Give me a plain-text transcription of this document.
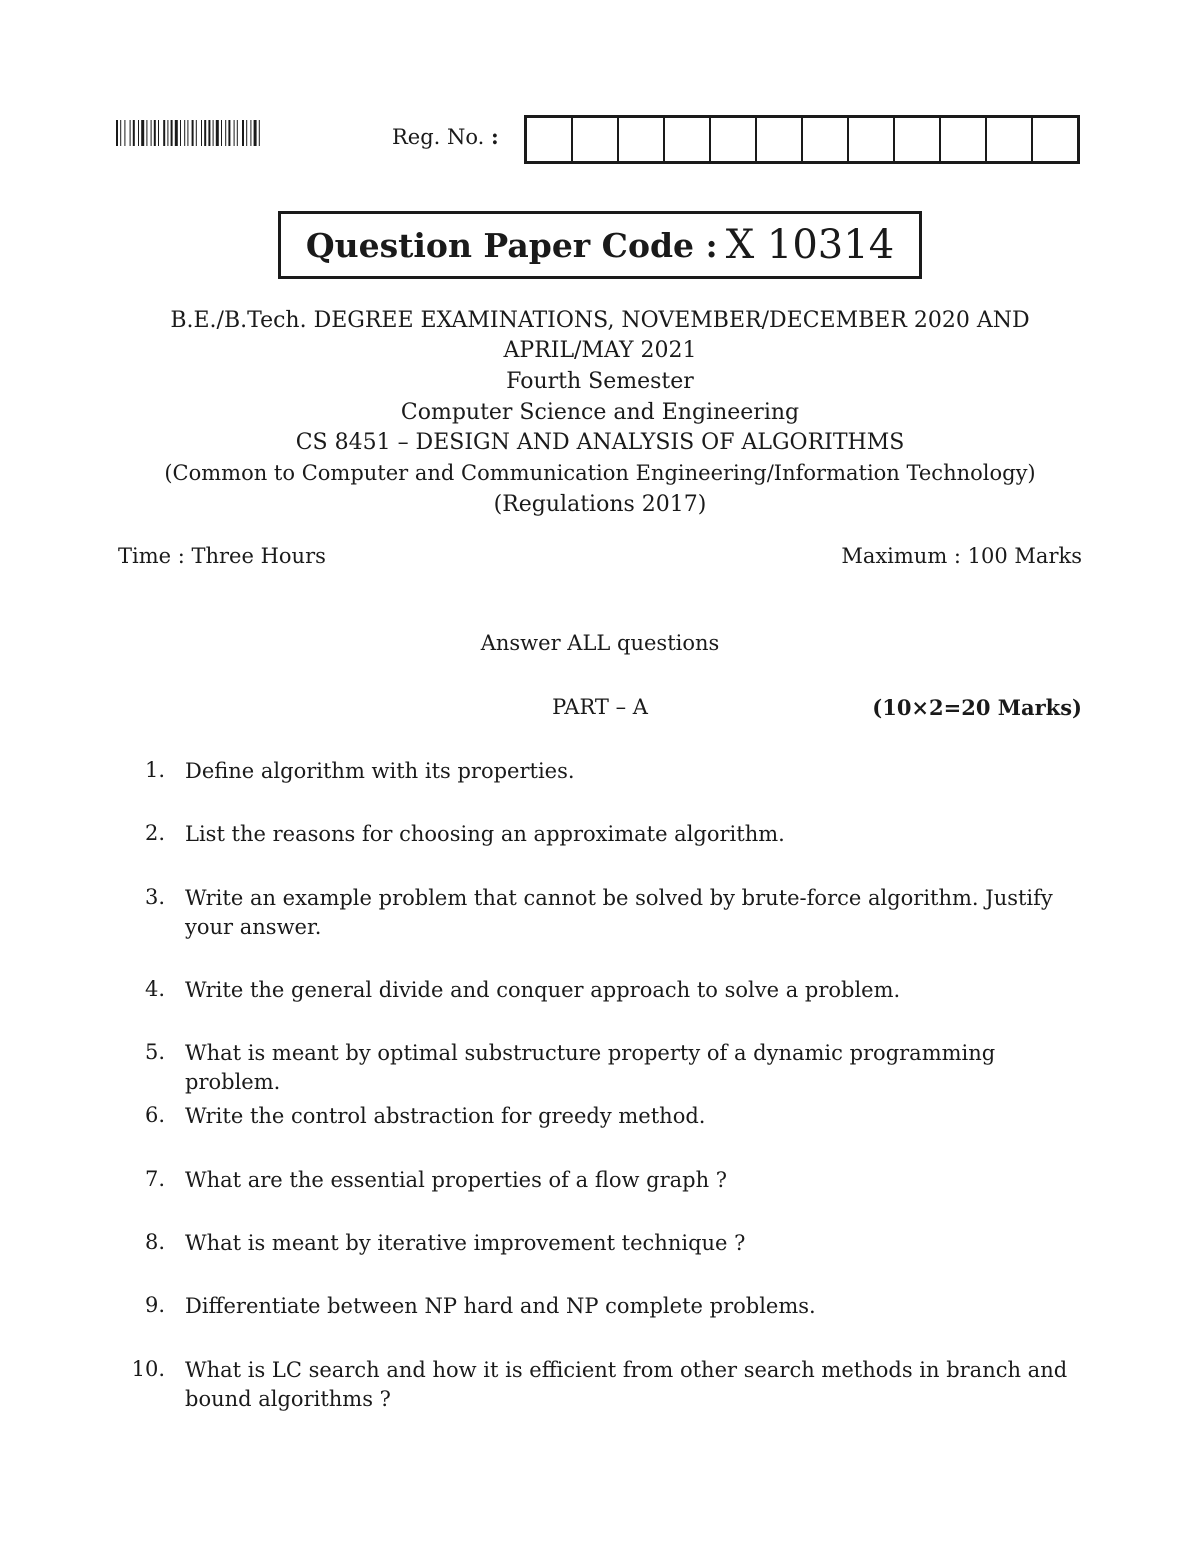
Reg. No. :
Question Paper Code : X 10314
B.E./B.Tech. DEGREE EXAMINATIONS, NOVEMBER/DECEMBER 2020 AND
APRIL/MAY 2021
Fourth Semester
Computer Science and Engineering
CS 8451 – DESIGN AND ANALYSIS OF ALGORITHMS
(Common to Computer and Communication Engineering/Information Technology)
(Regulations 2017)
Time : Three Hours	Maximum : 100 Marks
Answer ALL questions
PART – A	(10×2=20 Marks)
1. Define algorithm with its properties.
2. List the reasons for choosing an approximate algorithm.
3. Write an example problem that cannot be solved by brute-force algorithm. Justify your answer.
4. Write the general divide and conquer approach to solve a problem.
5. What is meant by optimal substructure property of a dynamic programming problem.
6. Write the control abstraction for greedy method.
7. What are the essential properties of a flow graph ?
8. What is meant by iterative improvement technique ?
9. Differentiate between NP hard and NP complete problems.
10. What is LC search and how it is efficient from other search methods in branch and bound algorithms ?
